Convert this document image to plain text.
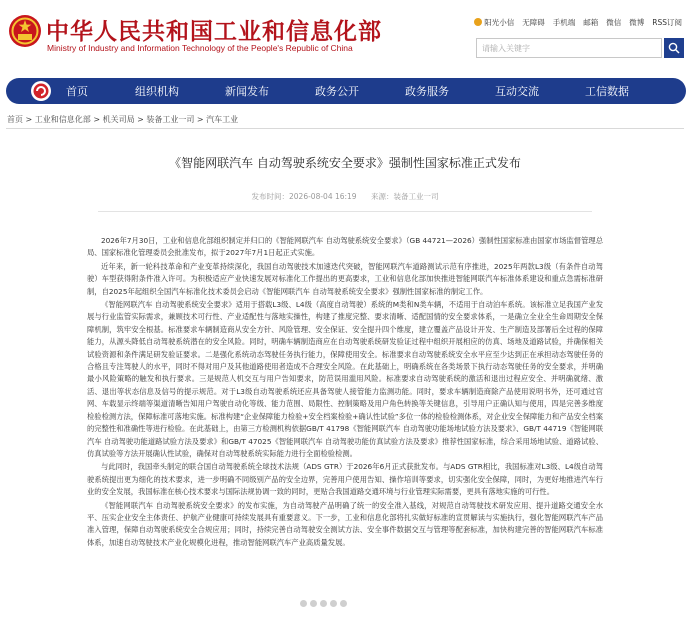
中华人民共和国工业和信息化部
Ministry of Industry and Information Technology of the People's Republic of China
阳光小信 无障碍 手机端 邮箱 微信 微博 RSS订阅
请输入关键字
首页	组织机构	新闻发布	政务公开	政务服务	互动交流	工信数据
首页 > 工业和信息化部 > 机关司局 > 装备工业一司 > 汽车工业
《智能网联汽车 自动驾驶系统安全要求》强制性国家标准正式发布
发布时间：2026-08-04 16:19 来源：装备工业一司

2026年7月30日，工业和信息化部组织制定并归口的《智能网联汽车 自动驾驶系统安全要求》（GB 44721—2026）强制性国家标准由国家市场监督管理总局、国家标准化管理委员会批准发布，拟于2027年7月1日起正式实施。

近年来，新一轮科技革命和产业变革持续深化，我国自动驾驶技术加速迭代突破，智能网联汽车道路测试示范有序推进，2025年两款L3级（有条件自动驾驶）车型获得附条件准入许可。为积极适应产业快速发展对标准化工作提出的更高要求，工业和信息化部加快推进智能网联汽车标准体系建设和重点急需标准研制，自2025年起组织全国汽车标准化技术委员会启动《智能网联汽车 自动驾驶系统安全要求》强制性国家标准的制定工作。

《智能网联汽车 自动驾驶系统安全要求》适用于搭载L3级、L4级（高度自动驾驶）系统的M类和N类车辆，不适用于自动泊车系统。该标准立足我国产业发展与行业监管实际需求，兼顾技术可行性、产业适配性与落地实操性，构建了推度完整、要求清晰、适配国情的安全要求体系，一是确立全业全生命周期安全保障机制，筑牢安全根基。标准要求车辆制造商从安全方针、风险管理、安全保证、安全提升四个维度，建立覆盖产品设计开发、生产制造及部署后全过程的保障能力，从源头降低自动驾驶系统潜在的安全风险。同时，明确车辆制造商应在自动驾驶系统研发验证过程中组织开展相应的仿真、场地及道路试验，并确保相关试验资源和条件满足研发验证要求。二是强化系统动态驾驶任务执行能力，保障使用安全。标准要求自动驾驶系统安全水平应至少达到正在承担动态驾驶任务的合格且专注驾驶人的水平，同时不得对用户及其他道路使用者造成不合理安全风险。在此基础上，明确系统在各类场景下执行动态驾驶任务的安全要求，并明确最小风险策略的触发和执行要求。三是规范人机交互与用户告知要求，防范误用滥用风险。标准要求自动驾驶系统的激活和退出过程应安全、并明确就绪、激活、退出等状态信息及信号的提示规范。对于L3级自动驾驶系统还应具备驾驶人接管能力监测功能。同时，要求车辆制造商除产品使用说明书外，还可通过官网、车载显示终端等渠道清晰告知用户驾驶自动化等级、能力范围、局限性、控制策略及用户角色转换等关键信息，引导用户正确认知与使用，四是完善多维度检验检测方法，保障标准可落地实施。标准构建“企业保障能力检验+安全档案检验+确认性试验”多位一体的检验检测体系，对企业安全保障能力和产品安全档案的完整性和准确性等进行检验。在此基础上，由第三方检测机构依据GB/T 41798《智能网联汽车 自动驾驶功能场地试验方法及要求》、GB/T 44719《智能网联汽车 自动驾驶功能道路试验方法及要求》和GB/T 47025《智能网联汽车 自动驾驶功能仿真试验方法及要求》推荐性国家标准，综合采用场地试验、道路试验、仿真试验等方法开展确认性试验，确保对自动驾驶系统实际能力进行全面检验检测。

与此同时，我国牵头制定的联合国自动驾驶系统全球技术法规（ADS GTR）于2026年6月正式获批发布。与ADS GTR相比，我国标准对L3级、L4级自动驾驶系统提出更为细化的技术要求，进一步明确不同级别产品的安全边界，完善用户使用告知、操作培训等要求，切实强化安全保障，同时，为更好地推进汽车行业的安全发展，我国标准在核心技术要求与国际法规协调一致的同时，更贴合我国道路交通环境与行业管理实际需要，更具有落地实施的可行性。

《智能网联汽车 自动驾驶系统安全要求》的发布实施，为自动驾驶产品明确了统一的安全准入基线，对规范自动驾驶技术研发应用、提升道路交通安全水平、压实企业安全主体责任、护航产业健康可持续发展具有重要意义。下一步，工业和信息化部将扎实做好标准的宣贯解读与实施执行，强化智能网联汽车产品准入管理，保障自动驾驶系统安全合规应用；同时，持续完善自动驾驶安全测试方法、安全事件数据交互与管理等配套标准，加快构建完善的智能网联汽车标准体系，加速自动驾驶技术产业化规模化进程，推动智能网联汽车产业高质量发展。
